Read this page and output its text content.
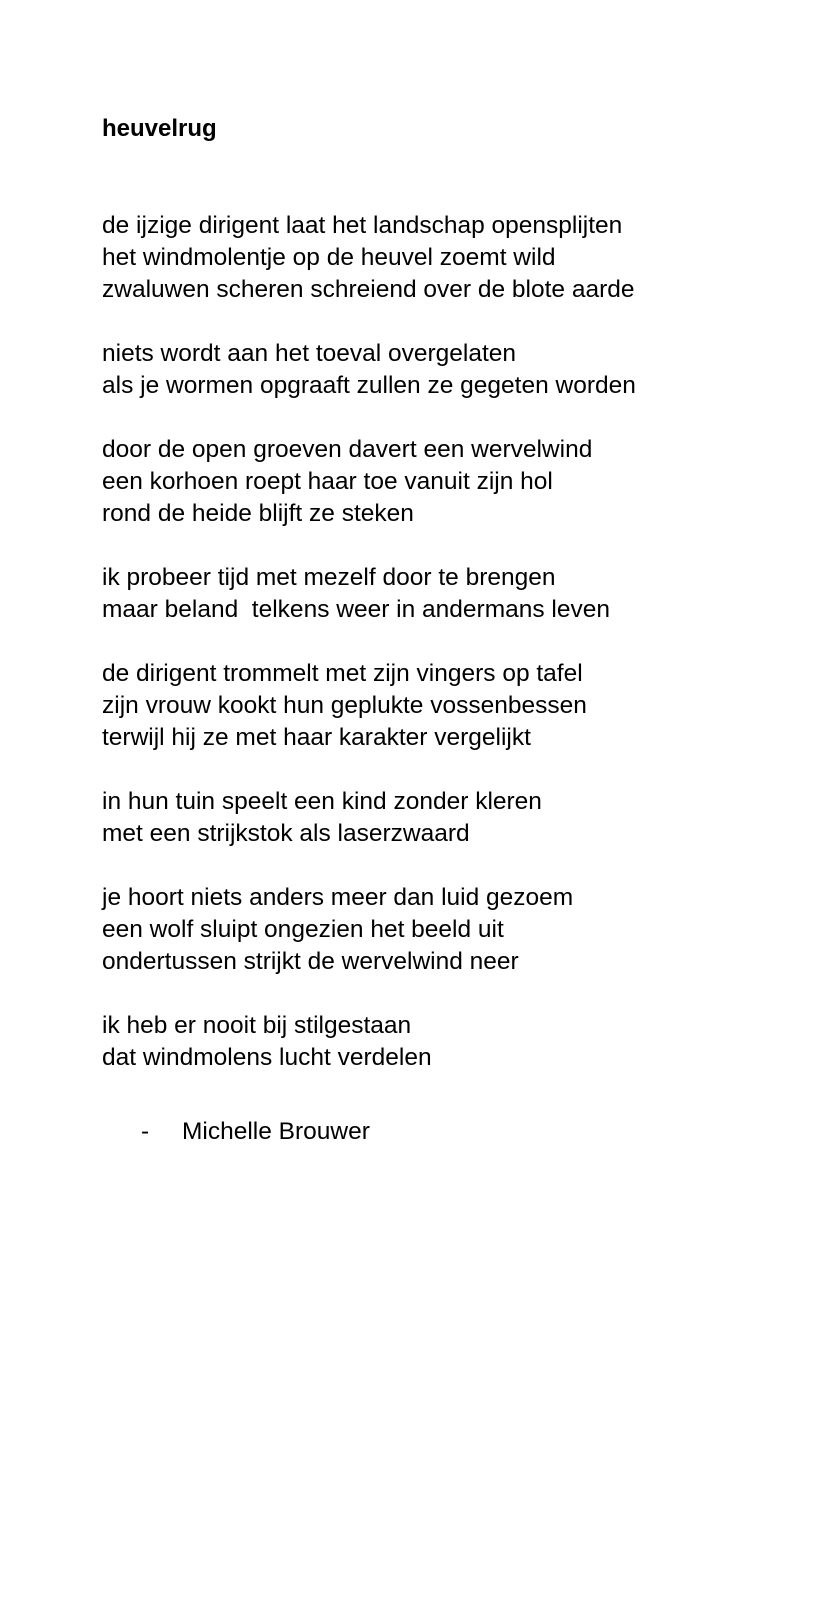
heuvelrug
de ijzige dirigent laat het landschap opensplijten
het windmolentje op de heuvel zoemt wild
zwaluwen scheren schreiend over de blote aarde
niets wordt aan het toeval overgelaten
als je wormen opgraaft zullen ze gegeten worden
door de open groeven davert een wervelwind
een korhoen roept haar toe vanuit zijn hol
rond de heide blijft ze steken
ik probeer tijd met mezelf door te brengen
maar beland  telkens weer in andermans leven
de dirigent trommelt met zijn vingers op tafel
zijn vrouw kookt hun geplukte vossenbessen
terwijl hij ze met haar karakter vergelijkt
in hun tuin speelt een kind zonder kleren
met een strijkstok als laserzwaard
je hoort niets anders meer dan luid gezoem
een wolf sluipt ongezien het beeld uit
ondertussen strijkt de wervelwind neer
ik heb er nooit bij stilgestaan
dat windmolens lucht verdelen
- Michelle Brouwer
